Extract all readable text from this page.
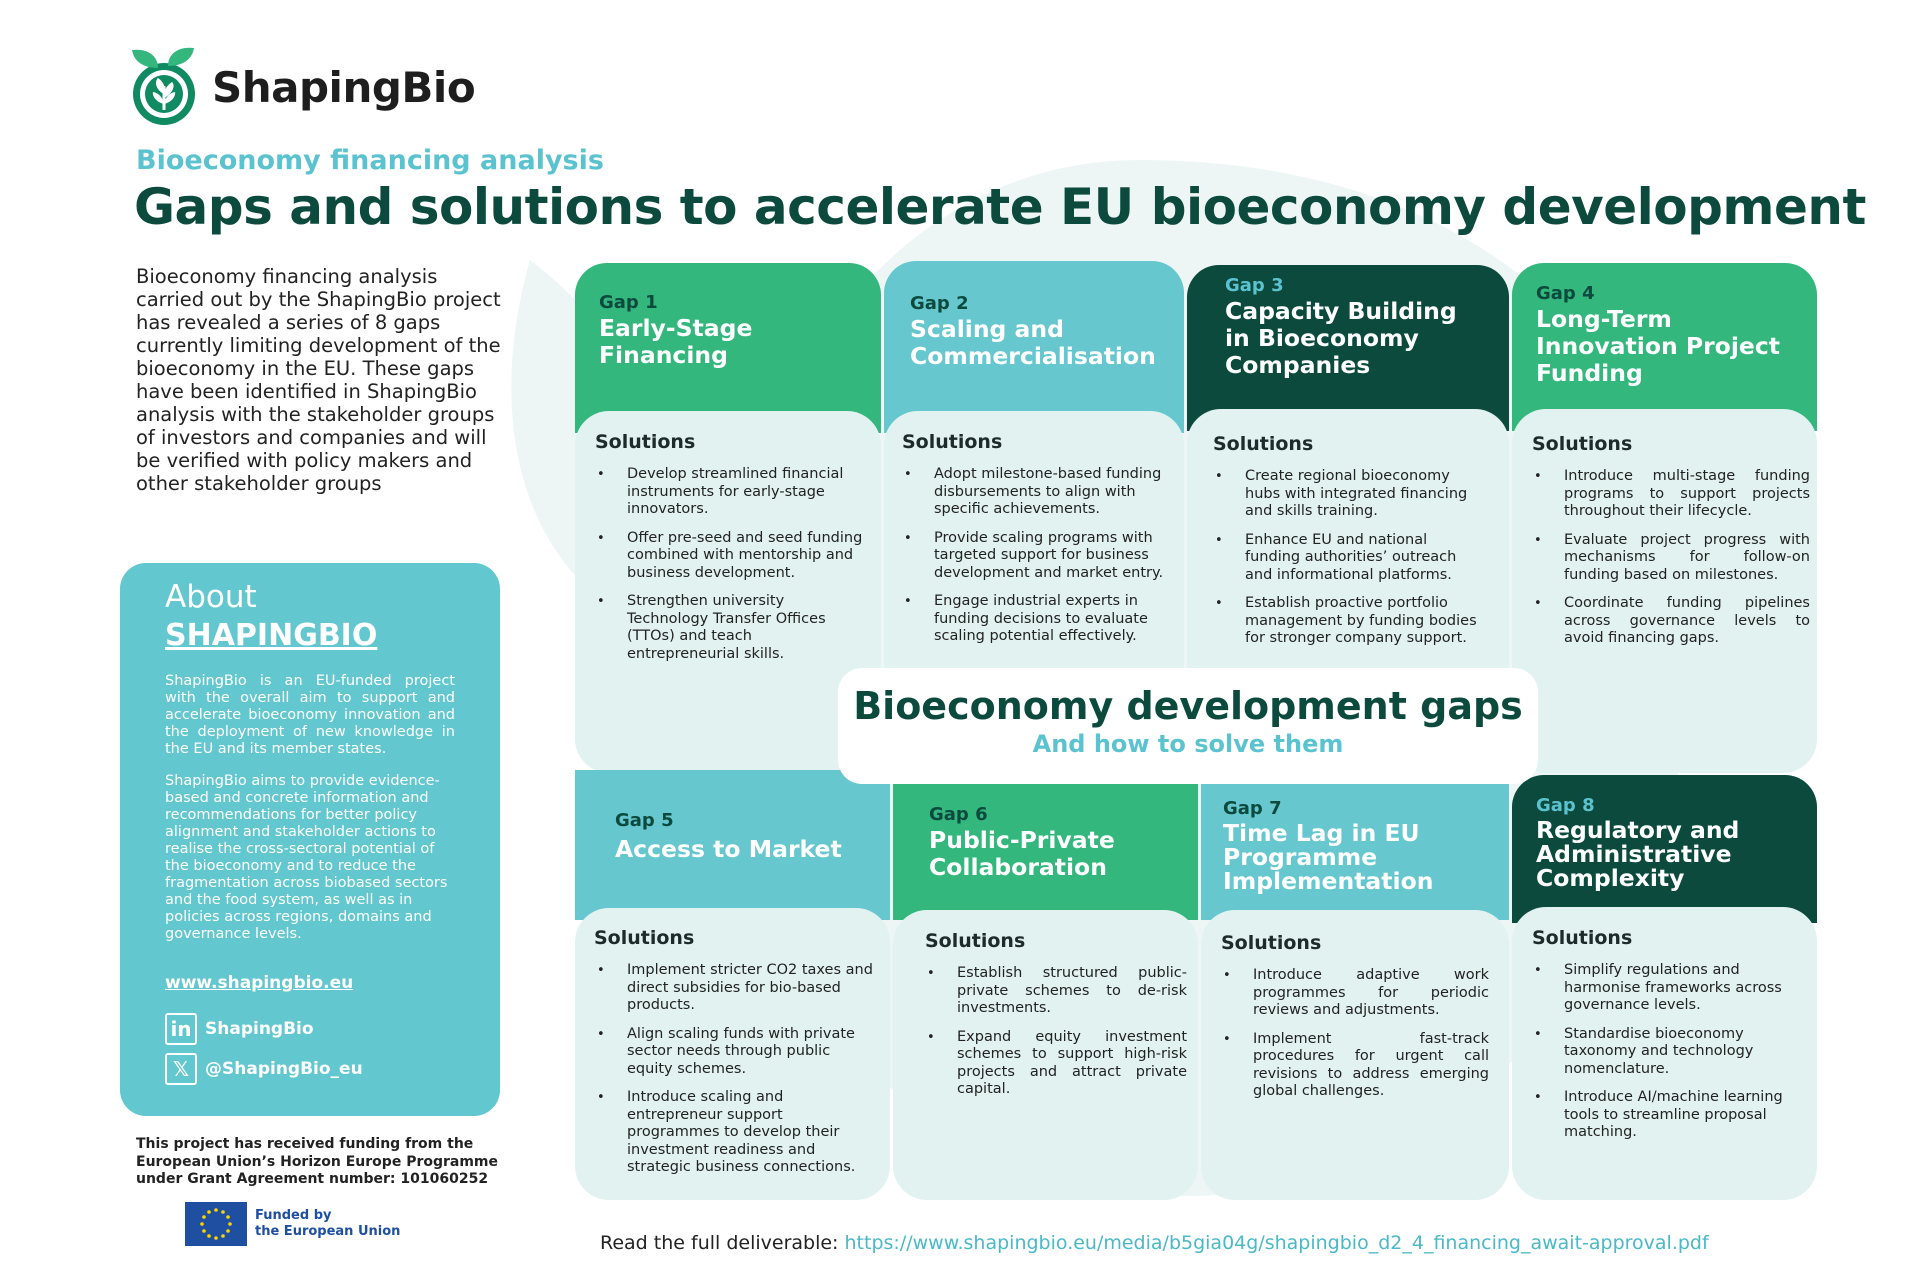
ShapingBio
Bioeconomy financing analysis
Gaps and solutions to accelerate EU bioeconomy development
Bioeconomy financing analysis carried out by the ShapingBio project has revealed a series of 8 gaps currently limiting development of the bioeconomy in the EU. These gaps have been identified in ShapingBio analysis with the stakeholder groups of investors and companies and will be verified with policy makers and other stakeholder groups
About
SHAPINGBIO
ShapingBio is an EU-funded project with the overall aim to support and accelerate bioeconomy innovation and the deployment of new knowledge in the EU and its member states.
ShapingBio aims to provide evidence-based and concrete information and recommendations for better policy alignment and stakeholder actions to realise the cross-sectoral potential of the bioeconomy and to reduce the fragmentation across biobased sectors and the food system, as well as in policies across regions, domains and governance levels.
www.shapingbio.eu
in ShapingBio
𝕏 @ShapingBio_eu
This project has received funding from the European Union’s Horizon Europe Programme under Grant Agreement number: 101060252
Funded by
the European Union
Gap 1
Early-Stage Financing
Solutions
• Develop streamlined financial instruments for early-stage innovators.
• Offer pre-seed and seed funding combined with mentorship and business development.
• Strengthen university Technology Transfer Offices (TTOs) and teach entrepreneurial skills.
Gap 2
Scaling and Commercialisation
Solutions
• Adopt milestone-based funding disbursements to align with specific achievements.
• Provide scaling programs with targeted support for business development and market entry.
• Engage industrial experts in funding decisions to evaluate scaling potential effectively.
Gap 3
Capacity Building in Bioeconomy Companies
Solutions
• Create regional bioeconomy hubs with integrated financing and skills training.
• Enhance EU and national funding authorities’ outreach and informational platforms.
• Establish proactive portfolio management by funding bodies for stronger company support.
Gap 4
Long-Term Innovation Project Funding
Solutions
• Introduce multi-stage funding programs to support projects throughout their lifecycle.
• Evaluate project progress with mechanisms for follow-on funding based on milestones.
• Coordinate funding pipelines across governance levels to avoid financing gaps.
Gap 5
Access to Market
Solutions
• Implement stricter CO2 taxes and direct subsidies for bio-based products.
• Align scaling funds with private sector needs through public equity schemes.
• Introduce scaling and entrepreneur support programmes to develop their investment readiness and strategic business connections.
Gap 6
Public-Private Collaboration
Solutions
• Establish structured public-private schemes to de-risk investments.
• Expand equity investment schemes to support high-risk projects and attract private capital.
Gap 7
Time Lag in EU Programme Implementation
Solutions
• Introduce adaptive work programmes for periodic reviews and adjustments.
• Implement fast-track procedures for urgent call revisions to address emerging global challenges.
Gap 8
Regulatory and Administrative Complexity
Solutions
• Simplify regulations and harmonise frameworks across governance levels.
• Standardise bioeconomy taxonomy and technology nomenclature.
• Introduce AI/machine learning tools to streamline proposal matching.
Bioeconomy development gaps
And how to solve them
Read the full deliverable: https://www.shapingbio.eu/media/b5gia04g/shapingbio_d2_4_financing_await-approval.pdf
